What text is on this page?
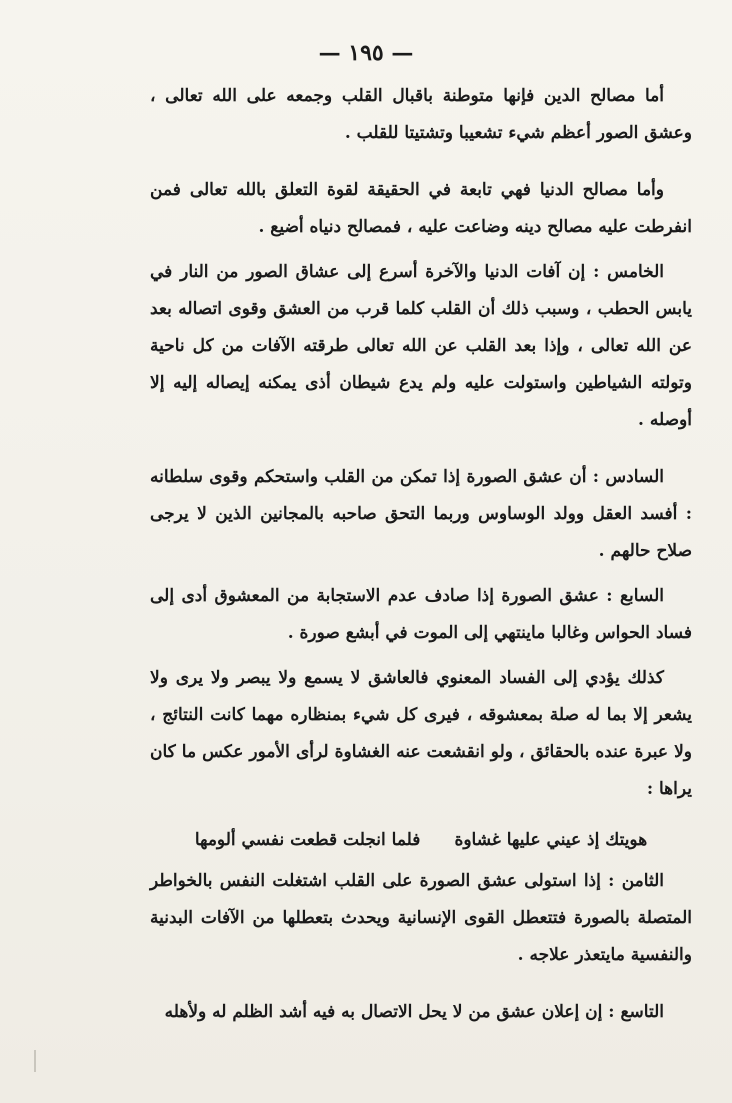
— ١٩٥ —

أما مصالح الدين فإنها متوطنة باقبال القلب وجمعه على الله تعالى ، وعشق الصور أعظم شيء تشعيبا وتشتيتا للقلب .

وأما مصالح الدنيا فهي تابعة في الحقيقة لقوة التعلق بالله تعالى فمن انفرطت عليه مصالح دينه وضاعت عليه ، فمصالح دنياه أضيع .

الخامس : إن آفات الدنيا والآخرة أسرع إلى عشاق الصور من النار في يابس الحطب ، وسبب ذلك أن القلب كلما قرب من العشق وقوى اتصاله بعد عن الله تعالى ، وإذا بعد القلب عن الله تعالى طرقته الآفات من كل ناحية وتولته الشياطين واستولت عليه ولم يدع شيطان أذى يمكنه إيصاله إليه إلا أوصله .

السادس : أن عشق الصورة إذا تمكن من القلب واستحكم وقوى سلطانه : أفسد العقل وولد الوساوس وربما التحق صاحبه بالمجانين الذين لا يرجى صلاح حالهم .

السابع : عشق الصورة إذا صادف عدم الاستجابة من المعشوق أدى إلى فساد الحواس وغالبا ماينتهي إلى الموت في أبشع صورة .

كذلك يؤدي إلى الفساد المعنوي فالعاشق لا يسمع ولا يبصر ولا يرى ولا يشعر إلا بما له صلة بمعشوقه ، فيرى كل شيء بمنظاره مهما كانت النتائج ، ولا عبرة عنده بالحقائق ، ولو انقشعت عنه الغشاوة لرأى الأمور عكس ما كان يراها :

هويتك إذ عيني عليها غشاوة
فلما انجلت قطعت نفسي ألومها

الثامن : إذا استولى عشق الصورة على القلب اشتغلت النفس بالخواطر المتصلة بالصورة فتتعطل القوى الإنسانية ويحدث بتعطلها من الآفات البدنية والنفسية مايتعذر علاجه .

التاسع : إن إعلان عشق من لا يحل الاتصال به فيه أشد الظلم له ولأهله
